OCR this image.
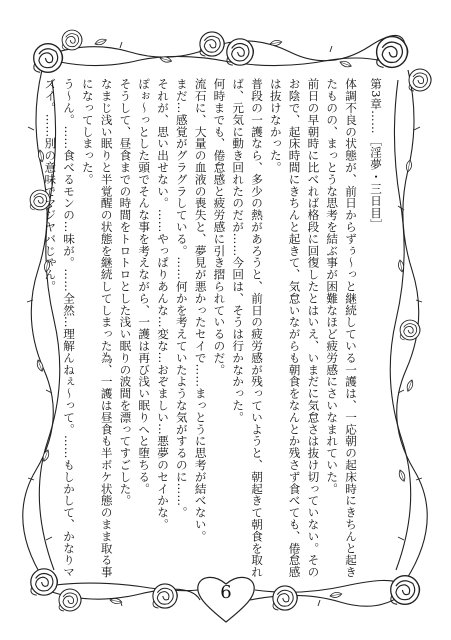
第3章……［淫夢・三日目］

体調不良の状態が、前日からずぅ～っと継続している一護は、一応朝の起床時にきちんと起きたものの、まっとうな思考を結ぶ事が困難なほど疲労感にさいなまれていた。

前日の早朝時に比べれば格段に回復したとはいえ、いまだに気怠さは抜け切っていない。そのお陰で、起床時間にきちんと起きて、気怠いながらも朝食をなんとか残さず食べても、倦怠感は抜けなかった。

普段の一護なら、多少の熱があろうと、前日の疲労感が残っていようと、朝起きて朝食を取れば、元気に動き回れたのだが……今回は、そうは行かなかった。

何時までも、倦怠感と疲労感に引き摺られているのだ。

流石に、大量の血液の喪失と、夢見が悪かったセイで……まっとうに思考が結べない。

まだ…感覚がグラグラしている。……何かを考えていたような気がするのに……。

それが、思い出せない。……やっぱりあんな…変な…おぞましい…悪夢のセイかな。

ぽぉ～っとした頭でそんな事を考えながら、一護は再び浅い眠りへと堕ちる。

そうして、昼食までの時間をトロトロとした浅い眠りの波間を漂ってすごした。

なまじ浅い眠りと半覚醒の状態を継続してしまった為、一護は昼食も半ボケ状態のまま取る事になってしまった。

う～ん。……食べるモンの…味が。……全然…理解んねぇ～って。……もしかして、かなりマズイ。……別の意味でマジヤバじゃん。

6
